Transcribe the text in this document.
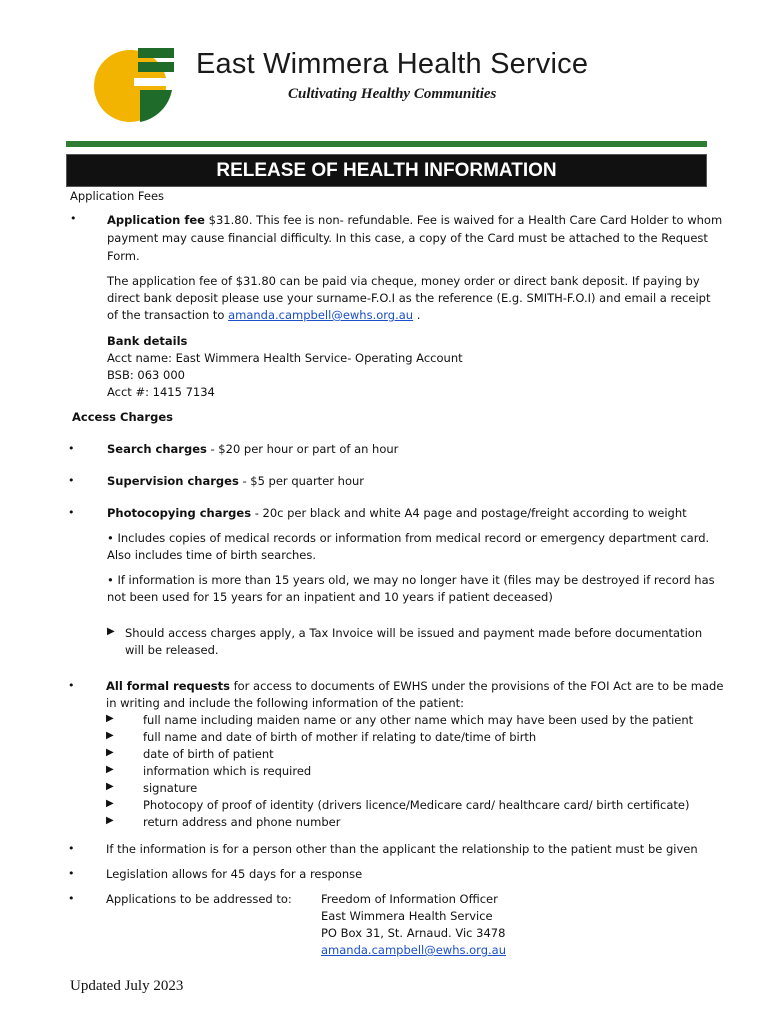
East Wimmera Health Service
Cultivating Healthy Communities
RELEASE OF HEALTH INFORMATION
Application Fees
•	Application fee $31.80. This fee is non- refundable. Fee is waived for a Health Care Card Holder to whom
payment may cause financial difficulty. In this case, a copy of the Card must be attached to the Request
Form.
The application fee of $31.80 can be paid via cheque, money order or direct bank deposit. If paying by
direct bank deposit please use your surname-F.O.I as the reference (E.g. SMITH-F.O.I) and email a receipt
of the transaction to amanda.campbell@ewhs.org.au .
Bank details
Acct name: East Wimmera Health Service- Operating Account
BSB: 063 000
Acct #: 1415 7134
Access Charges
•	Search charges - $20 per hour or part of an hour
•	Supervision charges - $5 per quarter hour
•	Photocopying charges - 20c per black and white A4 page and postage/freight according to weight
• Includes copies of medical records or information from medical record or emergency department card.
Also includes time of birth searches.
• If information is more than 15 years old, we may no longer have it (files may be destroyed if record has
not been used for 15 years for an inpatient and 10 years if patient deceased)
▶ Should access charges apply, a Tax Invoice will be issued and payment made before documentation
will be released.
•	All formal requests for access to documents of EWHS under the provisions of the FOI Act are to be made
in writing and include the following information of the patient:
▶	full name including maiden name or any other name which may have been used by the patient
▶	full name and date of birth of mother if relating to date/time of birth
▶	date of birth of patient
▶	information which is required
▶	signature
▶	Photocopy of proof of identity (drivers licence/Medicare card/ healthcare card/ birth certificate)
▶	return address and phone number
•	If the information is for a person other than the applicant the relationship to the patient must be given
•	Legislation allows for 45 days for a response
•	Applications to be addressed to:	Freedom of Information Officer
East Wimmera Health Service
PO Box 31, St. Arnaud. Vic 3478
amanda.campbell@ewhs.org.au
Updated July 2023
